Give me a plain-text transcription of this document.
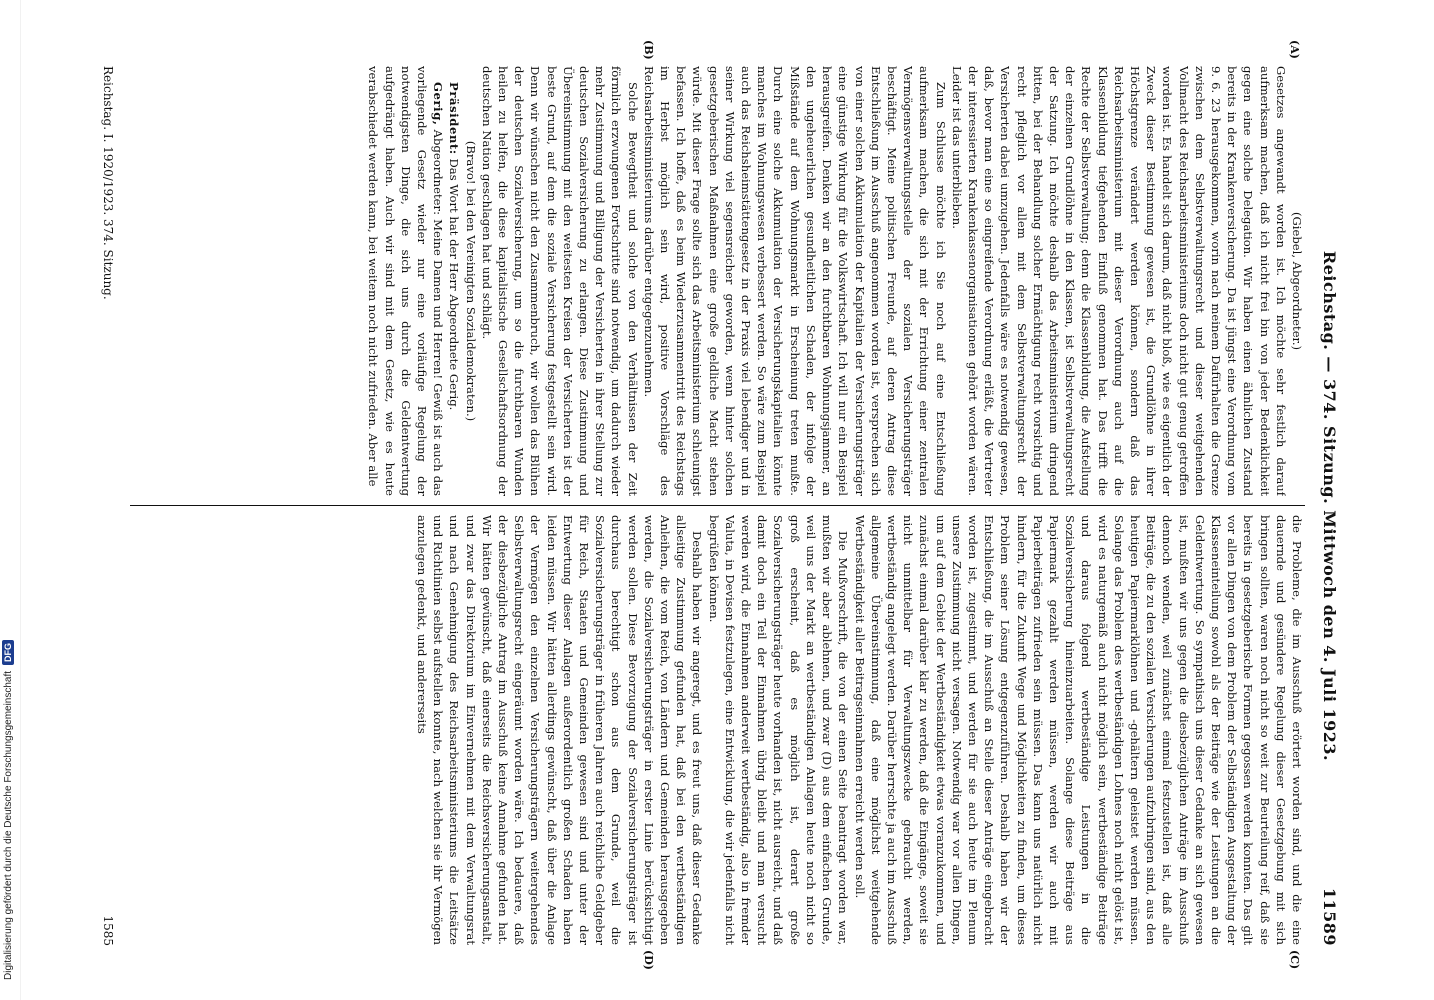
Digitalisierung gefördert durch die Deutsche Forschungsgemeinschaft
DFG	Reichstag. — 374. Sitzung. Mittwoch den 4. Juli 1923.
11589
(A)
(B)
(C)
(D)

(Giebel, Abgeordneter.)

Gesetzes angewandt worden ist. Ich möchte sehr festlich darauf aufmerksam machen, daß ich nicht frei bin von jeder Bedenklichkeit gegen eine solche Delegation. Wir haben einen ähnlichen Zustand bereits in der Krankenversicherung. Da ist jüngst eine Verordnung vom 9. 6. 23 herausgekommen, worin nach meinem Dafürhalten die Grenze zwischen dem Selbstverwaltungsrecht und dieser weitgehenden Vollmacht des Reichsarbeitsministeriums doch nicht gut genug getroffen worden ist. Es handelt sich darum, daß nicht bloß, wie es eigentlich der Zweck dieser Bestimmung gewesen ist, die Grundlöhne in ihrer Höchstgrenze verändert werden können, sondern daß das Reichsarbeitsministerium mit dieser Verordnung auch auf die Klassenbildung tiefgehenden Einfluß genommen hat. Das trifft die Rechte der Selbstverwaltung; denn die Klassenbildung, die Aufstellung der einzelnen Grundlöhne in den Klassen, ist Selbstverwaltungsrecht der Satzung. Ich möchte deshalb das Arbeitsministerium dringend bitten, bei der Behandlung solcher Ermächtigung recht vorsichtig und recht pfleglich vor allem mit dem Selbstverwaltungsrecht der Versicherten dabei umzugehen. Jedenfalls wäre es notwendig gewesen, daß, bevor man eine so eingreifende Verordnung erläßt, die Vertreter der interessierten Krankenkassenorganisationen gehört worden wären. Leider ist das unterblieben.

Zum Schlusse möchte ich Sie noch auf eine Entschließung aufmerksam machen, die sich mit der Errichtung einer zentralen Vermögensverwaltungsstelle der sozialen Versicherungsträger beschäftigt. Meine politischen Freunde, auf deren Antrag diese Entschließung im Ausschuß angenommen worden ist, versprechen sich von einer solchen Akkumulation der Kapitalien der Versicherungsträger eine günstige Wirkung für die Volkswirtschaft. Ich will nur ein Beispiel herausgreifen. Denken wir an den furchtbaren Wohnungsjammer, an den ungeheuerlichen gesundheitlichen Schaden, der infolge der Mißstände auf dem Wohnungsmarkt in Erscheinung treten mußte. Durch eine solche Akkumulation der Versicherungskapitalien könnte manches im Wohnungswesen verbessert werden. So wäre zum Beispiel auch das Reichsheimstättengesetz in der Praxis viel lebendiger und in seiner Wirkung viel segensreicher geworden, wenn hinter solchen gesetzgeberischen Maßnahmen eine große geldliche Macht stehen würde. Mit dieser Frage sollte sich das Arbeitsministerium schleunigst befassen. Ich hoffe, daß es beim Wiederzusammentritt des Reichstags im Herbst möglich sein wird, positive Vorschläge des Reichsarbeitsministeriums darüber entgegenzunehmen.

Solche Bewegtheit und solche von den Verhältnissen der Zeit förmlich erzwungenen Fortschritte sind notwendig, um dadurch wieder mehr Zustimmung und Billigung der Versicherten in ihrer Stellung zur deutschen Sozialversicherung zu erlangen. Diese Zustimmung und Übereinstimmung mit den weitesten Kreisen der Versicherten ist der beste Grund, auf dem die soziale Versicherung festgestellt sein wird. Denn wir wünschen nicht den Zusammenbruch, wir wollen das Blühen der deutschen Sozialversicherung, um so die furchtbaren Wunden heilen zu helfen, die diese kapitalistische Gesellschaftsordnung der deutschen Nation geschlagen hat und schlägt.

(Bravo! bei den Vereinigten Sozialdemokraten.)

Präsident: Das Wort hat der Herr Abgeordnete Gerig.

Gerig, Abgeordneter: Meine Damen und Herren! Gewiß ist auch das vorliegende Gesetz wieder nur eine vorläufige Regelung der notwendigsten Dinge, die sich uns durch die Geldentwertung aufgedrängt haben. Auch wir sind mit dem Gesetz, wie es heute verabschiedet werden kann, bei weitem noch nicht zufrieden. Aber alle

die Probleme, die im Ausschuß erörtert worden sind, und die eine dauernde und gesündere Regelung dieser Gesetzgebung mit sich bringen sollten, waren noch nicht so weit zur Beurteilung reif, daß sie bereits in gesetzgeberische Formen gegossen werden konnten. Das gilt vor allen Dingen von dem Problem der Selbständigen Ausgestaltung der Klasseneinteilung sowohl als der Beiträge wie der Leistungen an die Geldentwertung. So sympathisch uns dieser Gedanke an sich gewesen ist, mußten wir uns gegen die diesbezüglichen Anträge im Ausschuß dennoch wenden, weil zunächst einmal festzustellen ist, daß alle Beiträge, die zu den sozialen Versicherungen aufzubringen sind, aus den heutigen Papiermarklöhnen und -gehältern geleistet werden müssen. Solange das Problem des wertbeständigen Lohnes noch nicht gelöst ist, wird es naturgemäß auch nicht möglich sein, wertbeständige Beiträge und daraus folgend wertbeständige Leistungen in die Sozialversicherung hineinzuarbeiten. Solange diese Beiträge aus Papiermark gezahlt werden müssen, werden wir auch mit Papierbeiträgen zufrieden sein müssen. Das kann uns natürlich nicht hindern, für die Zukunft Wege und Möglichkeiten zu finden, um dieses Problem seiner Lösung entgegenzuführen. Deshalb haben wir der Entschließung, die im Ausschuß an Stelle dieser Anträge eingebracht worden ist, zugestimmt, und werden für sie auch heute im Plenum unsere Zustimmung nicht versagen. Notwendig war vor allen Dingen, um auf dem Gebiet der Wertbeständigkeit etwas voranzukommen, und zunächst einmal darüber klar zu werden, daß die Eingänge, soweit sie nicht unmittelbar für Verwaltungszwecke gebraucht werden, wertbeständig angelegt werden. Darüber herrschte ja auch im Ausschuß allgemeine Übereinstimmung, daß eine möglichst weitgehende Wertbeständigkeit aller Beitragseinnahmen erreicht werden soll.

Die Mußvorschrift, die von der einen Seite beantragt worden war, mußten wir aber ablehnen, und zwar (D) aus dem einfachen Grunde, weil uns der Markt an wertbeständigen Anlagen heute noch nicht so groß erscheint, daß es möglich ist, derart große Sozialversicherungsträger heute vorhanden ist, nicht ausreicht, und daß damit doch ein Teil der Einnahmen übrig bleibt und man versucht werden wird, die Einnahmen anderweit wertbeständig, also in fremder Valuta, in Devisen festzulegen, eine Entwicklung, die wir jedenfalls nicht begrüßen können.

Deshalb haben wir angeregt, und es freut uns, daß dieser Gedanke allseitige Zustimmung gefunden hat, daß bei den wertbeständigen Anleihen, die vom Reich, von Ländern und Gemeinden herausgegeben werden, die Sozialversicherungsträger in erster Linie berücksichtigt werden sollen. Diese Bevorzugung der Sozialversicherungsträger ist durchaus berechtigt schon aus dem Grunde, weil die Sozialversicherungsträger in früheren Jahren auch reichliche Geldgeber für Reich, Staaten und Gemeinden gewesen sind und unter der Entwertung dieser Anlagen außerordentlich großen Schaden haben leiden müssen. Wir hätten allerdings gewünscht, daß über die Anlage der Vermögen den einzelnen Versicherungsträgern weitergehendes Selbstverwaltungsrecht eingeräumt worden wäre. Ich bedauere, daß der diesbezügliche Antrag im Ausschuß keine Annahme gefunden hat. Wir hätten gewünscht, daß einerseits die Reichsversicherungsanstalt, und zwar das Direktorium im Einvernehmen mit dem Verwaltungsrat und nach Genehmigung des Reichsarbeitsministeriums die Leitsätze und Richtlinien selbst aufstellen konnte, nach welchen sie ihr Vermögen anzulegen gedenkt, und andererseits

Reichstag. I. 1920/1923. 374. Sitzung.
1585
